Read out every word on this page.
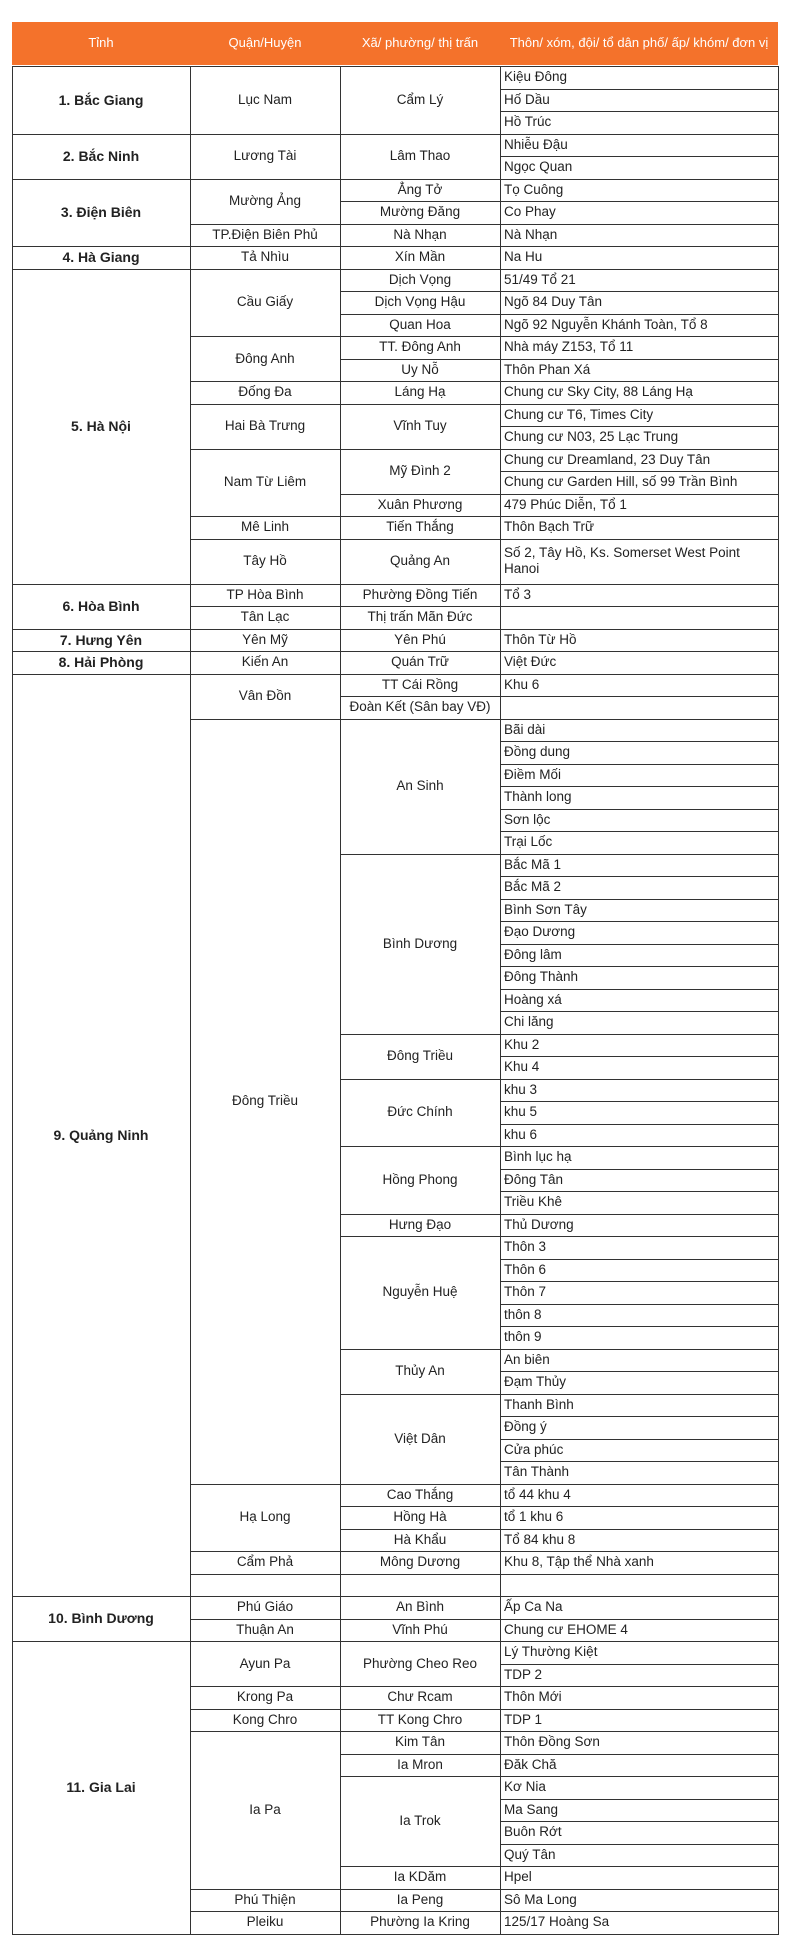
Tỉnh	Quận/Huyện	Xã/ phường/ thị trấn Thôn/ xóm, đội/ tổ dân phố/ ấp/ khóm/ đơn vị
1. Bắc Giang
2. Bắc Ninh
3. Điện Biên
4. Hà Giang
5. Hà Nội
6. Hòa Bình
7. Hưng Yên
8. Hải Phòng
9. Quảng Ninh
10. Bình Dương
11. Gia Lai
Lục Nam
Lương Tài
Mường Ảng
TP.Điện Biên Phủ
Tả Nhìu
Cầu Giấy
Đông Anh
Đống Đa
Hai Bà Trưng
Nam Từ Liêm
Mê Linh
Tây Hồ
TP Hòa Bình
Tân Lạc
Yên Mỹ
Kiến An
Vân Đồn
Đông Triều
Hạ Long
Cẩm Phả
Phú Giáo
Thuận An
Ayun Pa
Krong Pa
Kong Chro
Ia Pa
Phú Thiện
Pleiku
Cẩm Lý
Lâm Thao
Ẳng Tở
Mường Đăng
Nà Nhạn
Xín Mần
Dịch Vọng
Dịch Vọng Hậu
Quan Hoa
TT. Đông Anh
Uy Nỗ
Láng Hạ
Vĩnh Tuy
Mỹ Đình 2
Xuân Phương
Tiến Thắng
Quảng An
Phường Đồng Tiến
Thị trấn Mãn Đức
Yên Phú
Quán Trữ
TT Cái Rồng
Đoàn Kết (Sân bay VĐ)
An Sinh
Bình Dương
Đông Triều
Đức Chính
Hồng Phong
Hưng Đạo
Nguyễn Huệ
Thủy An
Việt Dân
Cao Thắng
Hồng Hà
Hà Khẩu
Mông Dương
An Bình
Vĩnh Phú
Phường Cheo Reo
Chư Rcam
TT Kong Chro
Kim Tân
Ia Mron
Ia Trok
Ia KDăm
Ia Peng
Phường Ia Kring
Kiệu Đông
Hố Dầu
Hồ Trúc
Nhiễu Đậu
Ngọc Quan
Tọ Cuông
Co Phay
Nà Nhạn
Na Hu
51/49 Tổ 21
Ngõ 84 Duy Tân
Ngõ 92 Nguyễn Khánh Toàn, Tổ 8
Nhà máy Z153, Tổ 11
Thôn Phan Xá
Chung cư Sky City, 88 Láng Hạ
Chung cư T6, Times City
Chung cư N03, 25 Lạc Trung
Chung cư Dreamland, 23 Duy Tân
Chung cư Garden Hill, số 99 Trần Bình
479 Phúc Diễn, Tổ 1
Thôn Bạch Trữ
Số 2, Tây Hồ, Ks. Somerset West Point Hanoi
Tổ 3
Thôn Từ Hồ
Việt Đức
Khu 6
Bãi dài
Đồng dung
Điềm Mối
Thành long
Sơn lộc
Trại Lốc
Bắc Mã 1
Bắc Mã 2
Bình Sơn Tây
Đạo Dương
Đông lâm
Đông Thành
Hoàng xá
Chi lăng
Khu 2
Khu 4
khu 3
khu 5
khu 6
Bình lục hạ
Đông Tân
Triều Khê
Thủ Dương
Thôn 3
Thôn 6
Thôn 7
thôn 8
thôn 9
An biên
Đạm Thủy
Thanh Bình
Đồng ý
Cửa phúc
Tân Thành
tổ 44 khu 4
tổ 1 khu 6
Tổ 84 khu 8
Khu 8, Tập thể Nhà xanh
Ấp Ca Na
Chung cư EHOME 4
Lý Thường Kiệt
TDP 2
Thôn Mới
TDP 1
Thôn Đồng Sơn
Đăk Chă
Kơ Nia
Ma Sang
Buôn Rớt
Quý Tân
Hpel
Sô Ma Long
125/17 Hoàng Sa
